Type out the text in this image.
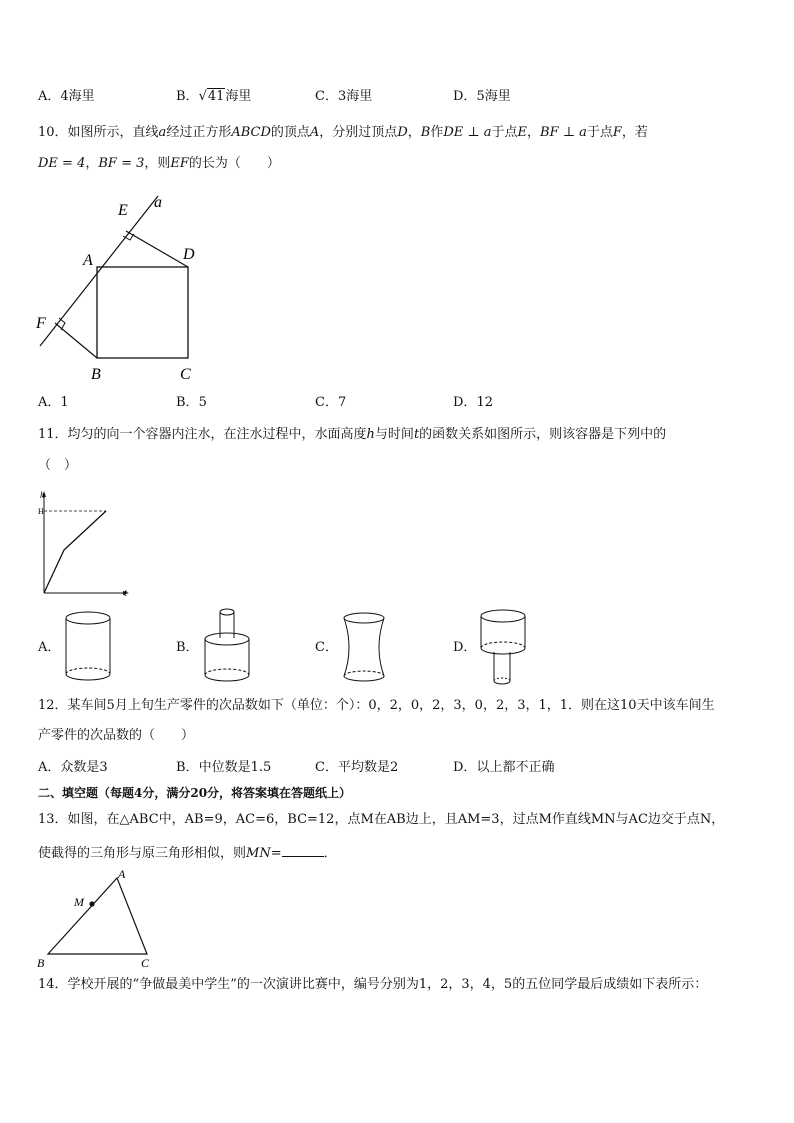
A．4海里	B．√41海里	C．3海里	D．5海里
10．如图所示，直线a经过正方形ABCD的顶点A，分别过顶点D，B作DE ⊥ a于点E，BF ⊥ a于点F，若
DE = 4，BF = 3，则EF的长为（　　）
E a
A	D
F
B	C
A．1	B．5	C．7	D．12
11．均匀的向一个容器内注水，在注水过程中，水面高度h与时间t的函数关系如图所示，则该容器是下列中的
（　）
h
H
t
A．	B．	C．	D．
12．某车间5月上旬生产零件的次品数如下（单位：个）：0，2，0，2，3，0，2，3，1，1．则在这10天中该车间生
产零件的次品数的（　　）
A．众数是3	B．中位数是1.5	C．平均数是2	D．以上都不正确
二、填空题（每题4分，满分20分，将答案填在答题纸上）
13．如图，在△ABC中，AB=9，AC=6，BC=12，点M在AB边上，且AM=3，过点M作直线MN与AC边交于点N，
使截得的三角形与原三角形相似，则MN=	．
A
M
B	C
14．学校开展的“争做最美中学生”的一次演讲比赛中，编号分别为1，2，3，4，5的五位同学最后成绩如下表所示：
